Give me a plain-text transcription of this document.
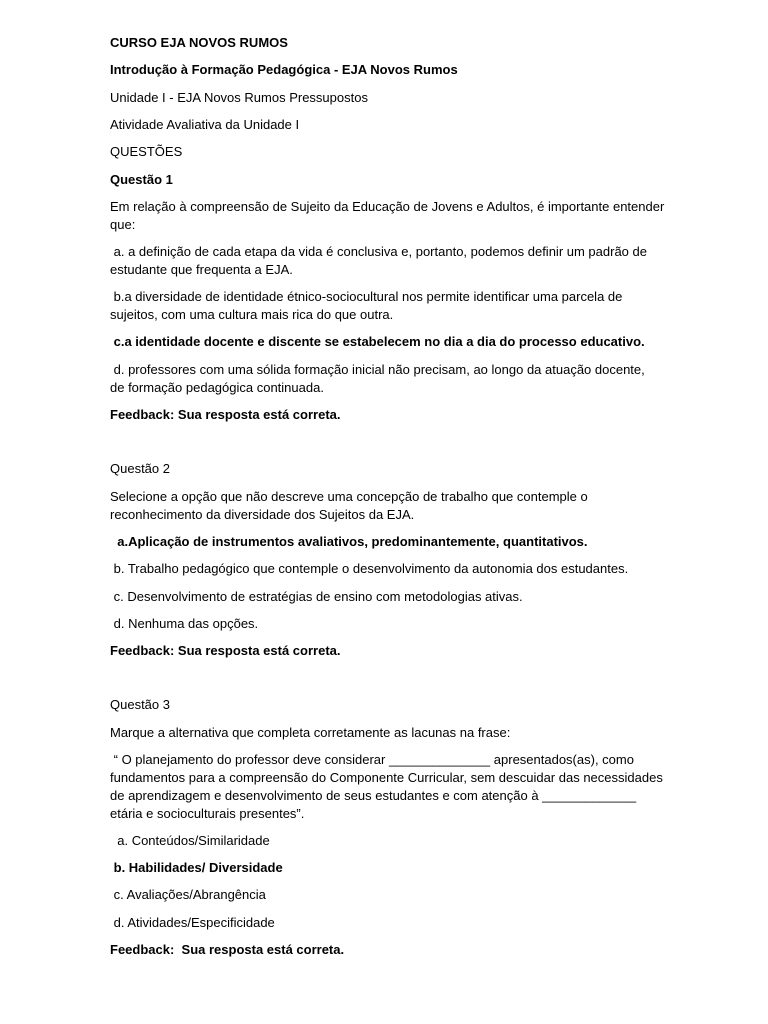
CURSO EJA NOVOS RUMOS
Introdução à Formação Pedagógica - EJA Novos Rumos
Unidade I - EJA Novos Rumos Pressupostos
Atividade Avaliativa da Unidade I
QUESTÕES
Questão 1
Em relação à compreensão de Sujeito da Educação de Jovens e Adultos, é importante entender
que:
a. a definição de cada etapa da vida é conclusiva e, portanto, podemos definir um padrão de
estudante que frequenta a EJA.
b.a diversidade de identidade étnico-sociocultural nos permite identificar uma parcela de
sujeitos, com uma cultura mais rica do que outra.
c.a identidade docente e discente se estabelecem no dia a dia do processo educativo.
d. professores com uma sólida formação inicial não precisam, ao longo da atuação docente,
de formação pedagógica continuada.
Feedback: Sua resposta está correta.
Questão 2
Selecione a opção que não descreve uma concepção de trabalho que contemple o
reconhecimento da diversidade dos Sujeitos da EJA.
a.Aplicação de instrumentos avaliativos, predominantemente, quantitativos.
b. Trabalho pedagógico que contemple o desenvolvimento da autonomia dos estudantes.
c. Desenvolvimento de estratégias de ensino com metodologias ativas.
d. Nenhuma das opções.
Feedback: Sua resposta está correta.
Questão 3
Marque a alternativa que completa corretamente as lacunas na frase:
“ O planejamento do professor deve considerar ______________ apresentados(as), como
fundamentos para a compreensão do Componente Curricular, sem descuidar das necessidades
de aprendizagem e desenvolvimento de seus estudantes e com atenção à _____________
etária e socioculturais presentes”.
a. Conteúdos/Similaridade
b. Habilidades/ Diversidade
c. Avaliações/Abrangência
d. Atividades/Especificidade
Feedback:  Sua resposta está correta.
